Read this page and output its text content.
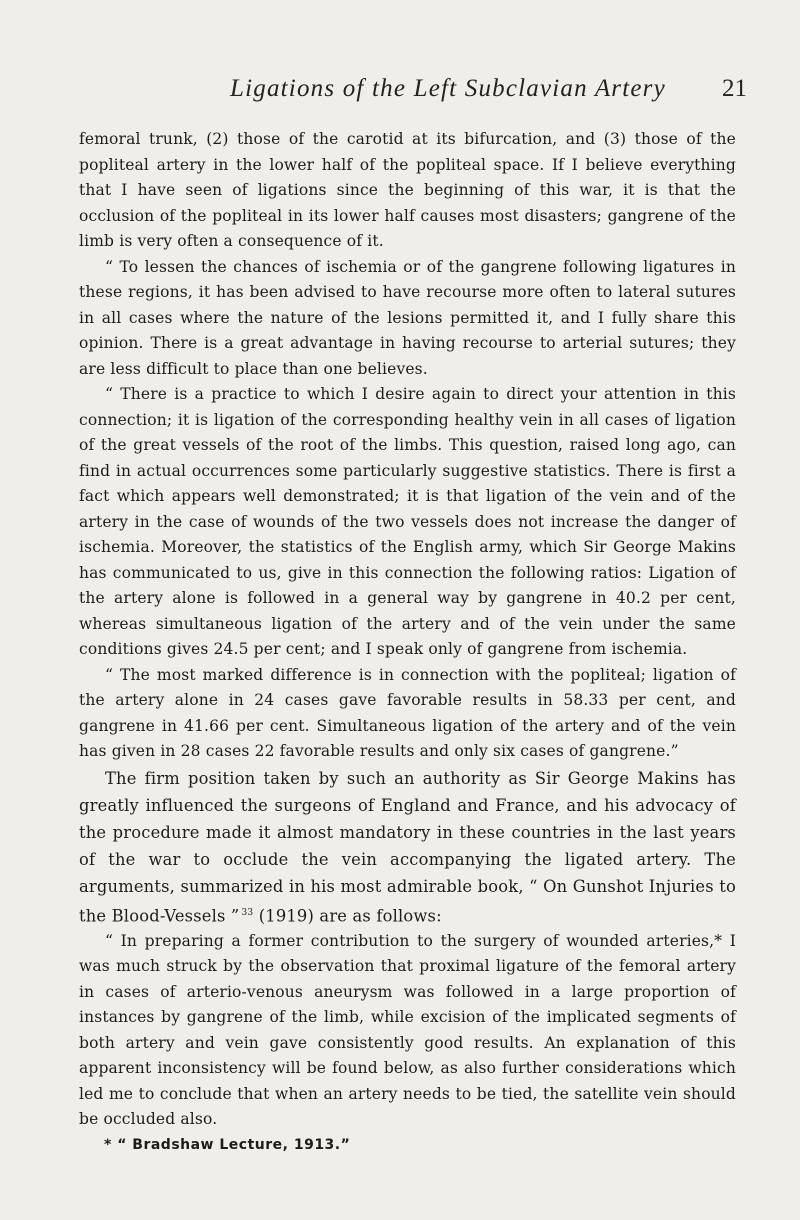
Ligations of the Left Subclavian Artery 21

femoral trunk, (2) those of the carotid at its bifurcation, and (3) those of the popliteal artery in the lower half of the popliteal space. If I believe everything that I have seen of ligations since the beginning of this war, it is that the occlusion of the popliteal in its lower half causes most disasters; gangrene of the limb is very often a consequence of it.

“ To lessen the chances of ischemia or of the gangrene following ligatures in these regions, it has been advised to have recourse more often to lateral sutures in all cases where the nature of the lesions permitted it, and I fully share this opinion. There is a great advantage in having recourse to arterial sutures; they are less difficult to place than one believes.

“ There is a practice to which I desire again to direct your attention in this connection; it is ligation of the corresponding healthy vein in all cases of ligation of the great vessels of the root of the limbs. This question, raised long ago, can find in actual occurrences some particularly suggestive statistics. There is first a fact which appears well demonstrated; it is that ligation of the vein and of the artery in the case of wounds of the two vessels does not increase the danger of ischemia. Moreover, the statistics of the English army, which Sir George Makins has communicated to us, give in this connection the following ratios: Ligation of the artery alone is followed in a general way by gangrene in 40.2 per cent, whereas simultaneous ligation of the artery and of the vein under the same conditions gives 24.5 per cent; and I speak only of gangrene from ischemia.

“ The most marked difference is in connection with the popliteal; ligation of the artery alone in 24 cases gave favorable results in 58.33 per cent, and gangrene in 41.66 per cent. Simultaneous ligation of the artery and of the vein has given in 28 cases 22 favorable results and only six cases of gangrene.”

The firm position taken by such an authority as Sir George Makins has greatly influenced the surgeons of England and France, and his advocacy of the procedure made it almost mandatory in these countries in the last years of the war to occlude the vein accompanying the ligated artery. The arguments, summarized in his most admirable book, “ On Gunshot Injuries to the Blood-Vessels ” $^{33}$ (1919) are as follows:

“ In preparing a former contribution to the surgery of wounded arteries,* I was much struck by the observation that proximal ligature of the femoral artery in cases of arterio-venous aneurysm was followed in a large proportion of instances by gangrene of the limb, while excision of the implicated segments of both artery and vein gave consistently good results. An explanation of this apparent inconsistency will be found below, as also further considerations which led me to conclude that when an artery needs to be tied, the satellite vein should be occluded also.

* “ Bradshaw Lecture, 1913.”
